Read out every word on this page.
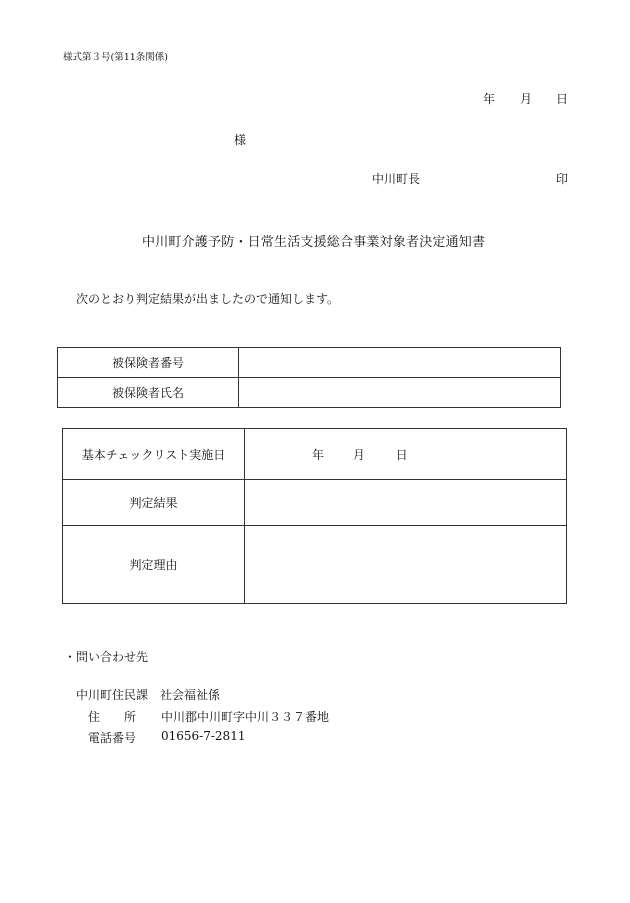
様式第３号(第11条関係)
年 月 日
様
中川町長	印
中川町介護予防・日常生活支援総合事業対象者決定通知書
次のとおり判定結果が出ましたので通知します。
被保険者番号	
被保険者氏名	
基本チェックリスト実施日	年 月 日

判定結果	
判定理由	
・問い合わせ先
中川町住民課　社会福祉係
住　　所 中川郡中川町字中川３３７番地
電話番号 01656-7-2811
